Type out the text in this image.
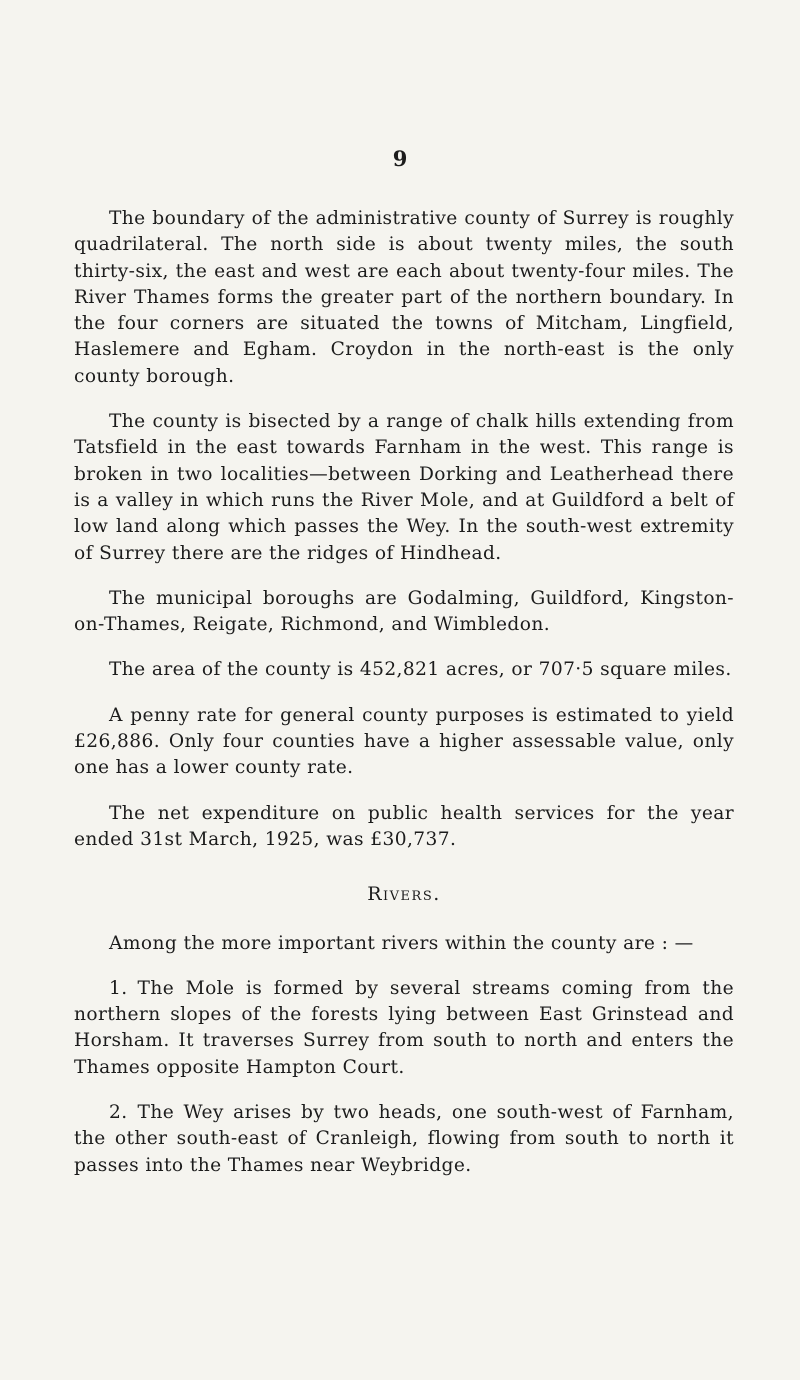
9

The boundary of the administrative county of Surrey is roughly quadrilateral. The north side is about twenty miles, the south thirty-six, the east and west are each about twenty-four miles. The River Thames forms the greater part of the northern boundary. In the four corners are situated the towns of Mitcham, Lingfield, Haslemere and Egham. Croydon in the north-east is the only county borough.

The county is bisected by a range of chalk hills extending from Tatsfield in the east towards Farnham in the west. This range is broken in two localities—between Dorking and Leatherhead there is a valley in which runs the River Mole, and at Guildford a belt of low land along which passes the Wey. In the south-west extremity of Surrey there are the ridges of Hindhead.

The municipal boroughs are Godalming, Guildford, Kingston-on-Thames, Reigate, Richmond, and Wimbledon.

The area of the county is 452,821 acres, or 707·5 square miles.

A penny rate for general county purposes is estimated to yield £26,886. Only four counties have a higher assessable value, only one has a lower county rate.

The net expenditure on public health services for the year ended 31st March, 1925, was £30,737.

Rivers.

Among the more important rivers within the county are : —

1. The Mole is formed by several streams coming from the northern slopes of the forests lying between East Grinstead and Horsham. It traverses Surrey from south to north and enters the Thames opposite Hampton Court.
2. The Wey arises by two heads, one south-west of Farnham, the other south-east of Cranleigh, flowing from south to north it passes into the Thames near Weybridge.
